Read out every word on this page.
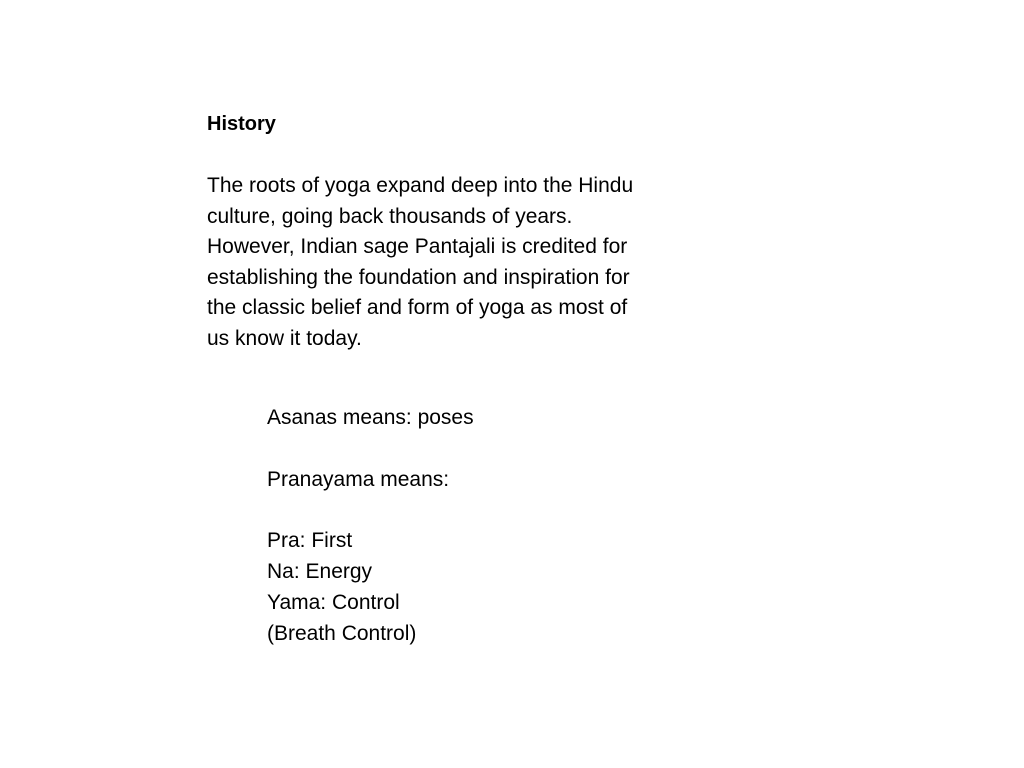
History

The roots of yoga expand deep into the Hindu
culture, going back thousands of years.
However, Indian sage Pantajali is credited for
establishing the foundation and inspiration for
the classic belief and form of yoga as most of
us know it today.

Asanas means: poses
Pranayama means:
Pra: First
Na: Energy
Yama: Control
(Breath Control)
